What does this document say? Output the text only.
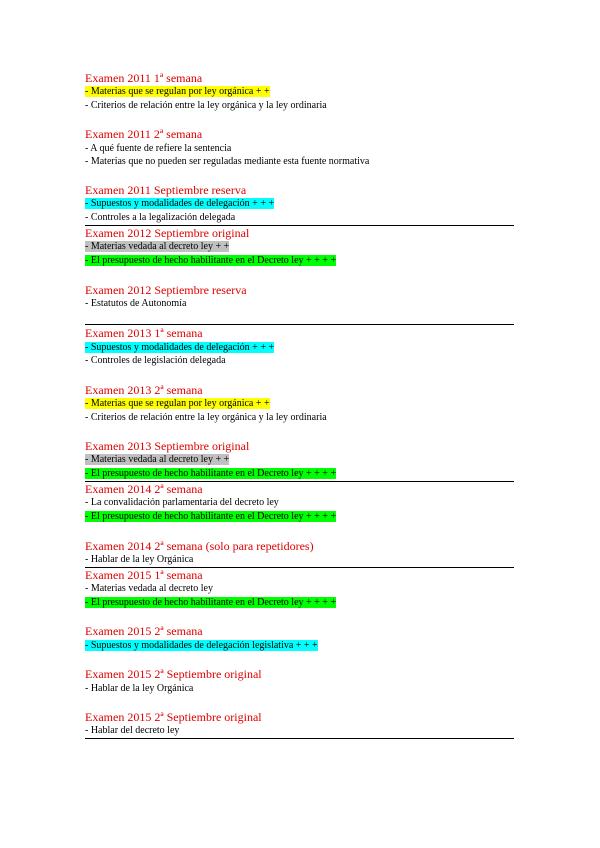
Examen 2011 1ª semana
- Materias que se regulan por ley orgánica + +
- Criterios de relación entre la ley orgánica y la ley ordinaria
Examen 2011 2ª semana
- A qué fuente de refiere la sentencia
- Materias que no pueden ser reguladas mediante esta fuente normativa
Examen 2011 Septiembre reserva
- Supuestos y modalidades de delegación + + +
- Controles a la legalización delegada
Examen 2012 Septiembre original
- Materias vedada al decreto ley + +
- El presupuesto de hecho habilitante en el Decreto ley + + + +
Examen 2012 Septiembre reserva
- Estatutos de Autonomía
Examen 2013 1ª semana
- Supuestos y modalidades de delegación + + +
- Controles de legislación delegada
Examen 2013 2ª semana
- Materias que se regulan por ley orgánica + +
- Criterios de relación entre la ley orgánica y la ley ordinaria
Examen 2013 Septiembre original
- Materias vedada al decreto ley + +
- El presupuesto de hecho habilitante en el Decreto ley + + + +
Examen 2014 2ª semana
- La convalidación parlamentaria del decreto ley
- El presupuesto de hecho habilitante en el Decreto ley + + + +
Examen 2014 2ª semana (solo para repetidores)
- Hablar de la ley Orgánica
Examen 2015 1ª semana
- Materias vedada al decreto ley
- El presupuesto de hecho habilitante en el Decreto ley + + + +
Examen 2015 2ª semana
- Supuestos y modalidades de delegación legislativa + + +
Examen 2015 2ª Septiembre original
- Hablar de la ley Orgánica
Examen 2015 2ª Septiembre original
- Hablar del decreto ley
